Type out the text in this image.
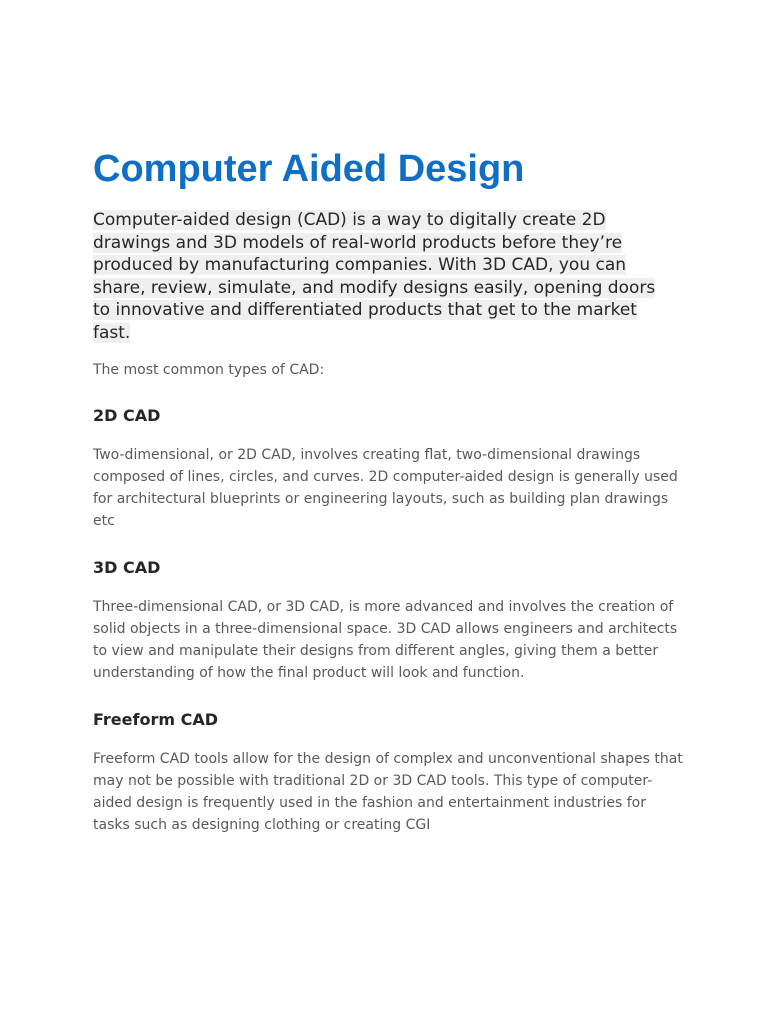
Computer Aided Design

Computer-aided design (CAD) is a way to digitally create 2D drawings and 3D models of real-world products before they’re produced by manufacturing companies. With 3D CAD, you can share, review, simulate, and modify designs easily, opening doors to innovative and differentiated products that get to the market fast.

The most common types of CAD:

2D CAD

Two-dimensional, or 2D CAD, involves creating flat, two-dimensional drawings composed of lines, circles, and curves. 2D computer-aided design is generally used for architectural blueprints or engineering layouts, such as building plan drawings etc

3D CAD

Three-dimensional CAD, or 3D CAD, is more advanced and involves the creation of solid objects in a three-dimensional space. 3D CAD allows engineers and architects to view and manipulate their designs from different angles, giving them a better understanding of how the final product will look and function.

Freeform CAD

Freeform CAD tools allow for the design of complex and unconventional shapes that may not be possible with traditional 2D or 3D CAD tools. This type of computer-aided design is frequently used in the fashion and entertainment industries for tasks such as designing clothing or creating CGI
